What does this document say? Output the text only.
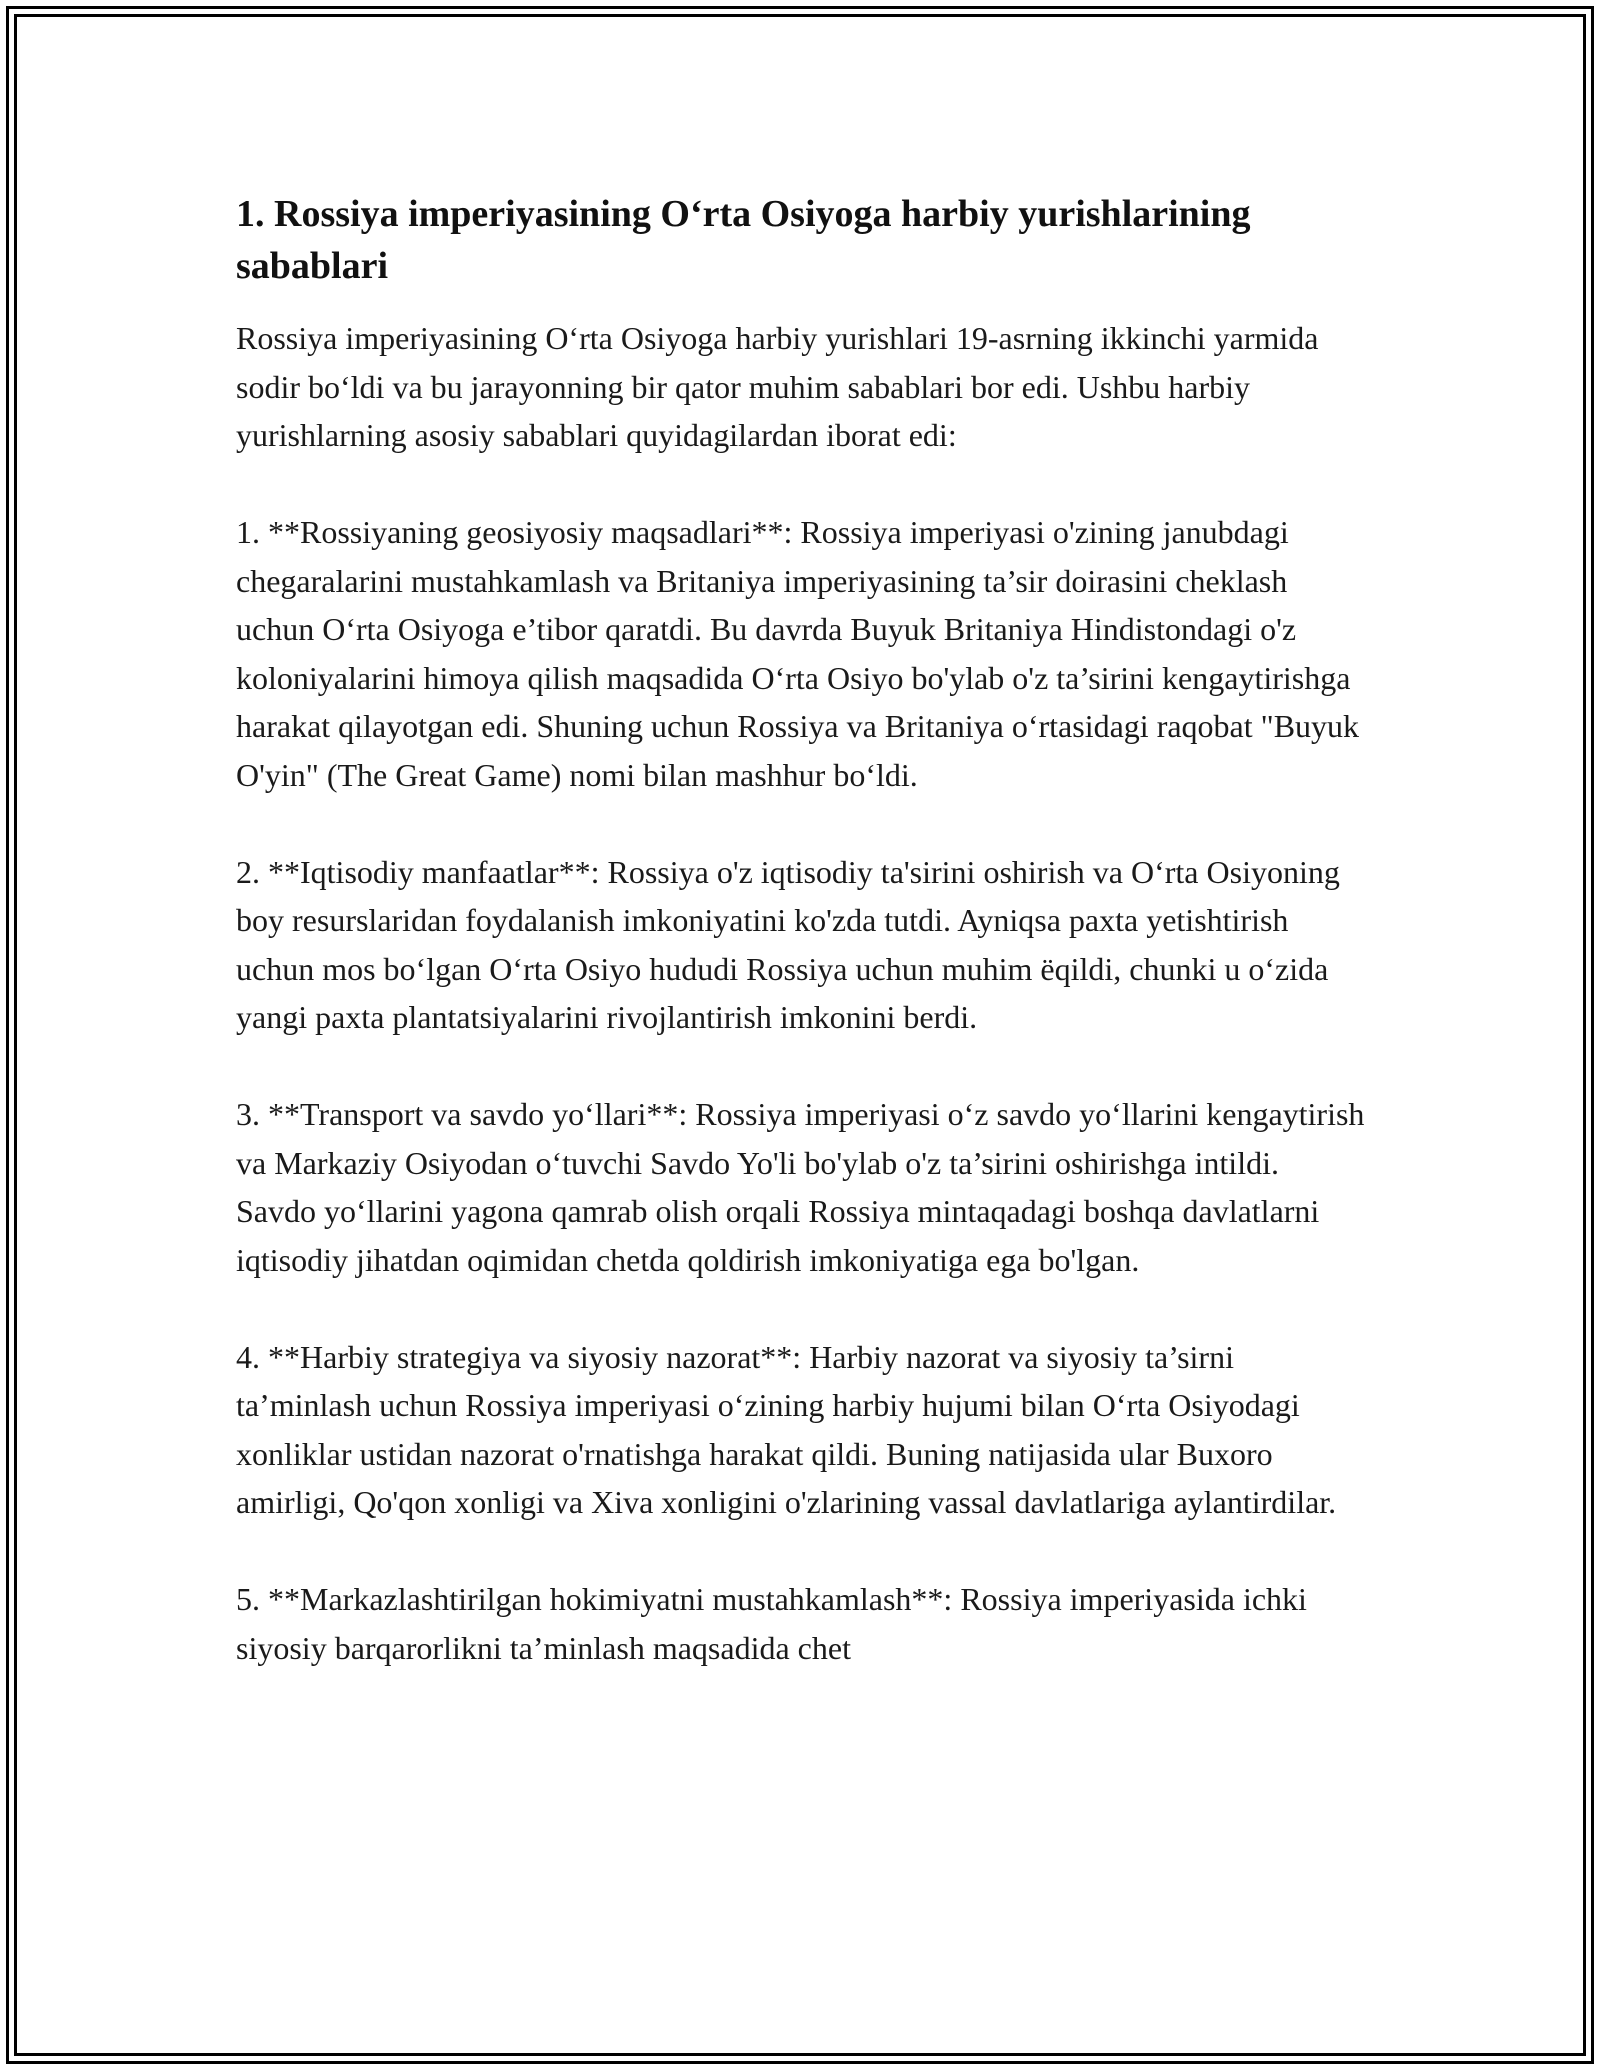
1. Rossiya imperiyasining O‘rta Osiyoga harbiy yurishlarining sabablari

Rossiya imperiyasining O‘rta Osiyoga harbiy yurishlari 19-asrning ikkinchi yarmida sodir bo‘ldi va bu jarayonning bir qator muhim sabablari bor edi. Ushbu harbiy yurishlarning asosiy sabablari quyidagilardan iborat edi:

1. **Rossiyaning geosiyosiy maqsadlari**: Rossiya imperiyasi o'zining janubdagi chegaralarini mustahkamlash va Britaniya imperiyasining ta’sir doirasini cheklash uchun O‘rta Osiyoga e’tibor qaratdi. Bu davrda Buyuk Britaniya Hindistondagi o'z koloniyalarini himoya qilish maqsadida O‘rta Osiyo bo'ylab o'z ta’sirini kengaytirishga harakat qilayotgan edi. Shuning uchun Rossiya va Britaniya o‘rtasidagi raqobat "Buyuk O'yin" (The Great Game) nomi bilan mashhur bo‘ldi.

2. **Iqtisodiy manfaatlar**: Rossiya o'z iqtisodiy ta'sirini oshirish va O‘rta Osiyoning boy resurslaridan foydalanish imkoniyatini ko'zda tutdi. Ayniqsa paxta yetishtirish uchun mos bo‘lgan O‘rta Osiyo hududi Rossiya uchun muhim ëqildi, chunki u o‘zida yangi paxta plantatsiyalarini rivojlantirish imkonini berdi.

3. **Transport va savdo yo‘llari**: Rossiya imperiyasi o‘z savdo yo‘llarini kengaytirish va Markaziy Osiyodan o‘tuvchi Savdo Yo'li bo'ylab o'z ta’sirini oshirishga intildi. Savdo yo‘llarini yagona qamrab olish orqali Rossiya mintaqadagi boshqa davlatlarni iqtisodiy jihatdan oqimidan chetda qoldirish imkoniyatiga ega bo'lgan.

4. **Harbiy strategiya va siyosiy nazorat**: Harbiy nazorat va siyosiy ta’sirni ta’minlash uchun Rossiya imperiyasi o‘zining harbiy hujumi bilan O‘rta Osiyodagi xonliklar ustidan nazorat o'rnatishga harakat qildi. Buning natijasida ular Buxoro amirligi, Qo'qon xonligi va Xiva xonligini o'zlarining vassal davlatlariga aylantirdilar.

5. **Markazlashtirilgan hokimiyatni mustahkamlash**: Rossiya imperiyasida ichki siyosiy barqarorlikni ta’minlash maqsadida chet
